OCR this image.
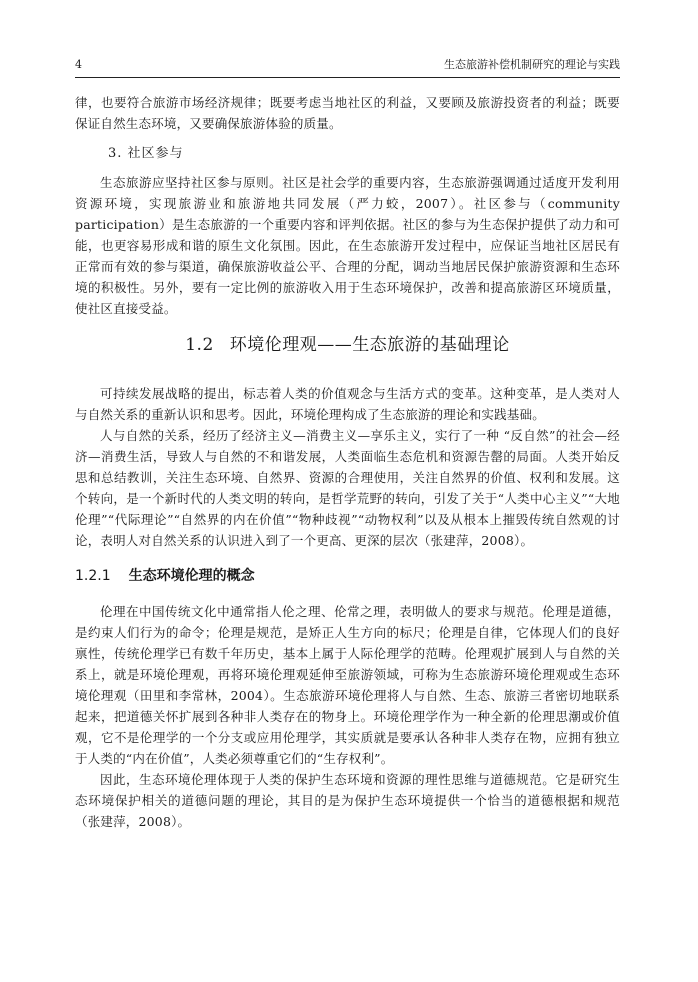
4	生态旅游补偿机制研究的理论与实践

律，也要符合旅游市场经济规律；既要考虑当地社区的利益，又要顾及旅游投资者的利益；既要保证自然生态环境，又要确保旅游体验的质量。

3. 社区参与

生态旅游应坚持社区参与原则。社区是社会学的重要内容，生态旅游强调通过适度开发利用资源环境，实现旅游业和旅游地共同发展（严力蛟，2007）。社区参与（community participation）是生态旅游的一个重要内容和评判依据。社区的参与为生态保护提供了动力和可能，也更容易形成和谐的原生文化氛围。因此，在生态旅游开发过程中，应保证当地社区居民有正常而有效的参与渠道，确保旅游收益公平、合理的分配，调动当地居民保护旅游资源和生态环境的积极性。另外，要有一定比例的旅游收入用于生态环境保护，改善和提高旅游区环境质量，使社区直接受益。

1.2 环境伦理观——生态旅游的基础理论

可持续发展战略的提出，标志着人类的价值观念与生活方式的变革。这种变革，是人类对人与自然关系的重新认识和思考。因此，环境伦理构成了生态旅游的理论和实践基础。

人与自然的关系，经历了经济主义—消费主义—享乐主义，实行了一种 “反自然”的社会—经济—消费生活，导致人与自然的不和谐发展，人类面临生态危机和资源告罄的局面。人类开始反思和总结教训，关注生态环境、自然界、资源的合理使用，关注自然界的价值、权利和发展。这个转向，是一个新时代的人类文明的转向，是哲学荒野的转向，引发了关于“人类中心主义”“大地伦理”“代际理论”“自然界的内在价值”“物种歧视”“动物权利”以及从根本上摧毁传统自然观的讨论，表明人对自然关系的认识进入到了一个更高、更深的层次（张建萍，2008）。

1.2.1 生态环境伦理的概念

伦理在中国传统文化中通常指人伦之理、伦常之理，表明做人的要求与规范。伦理是道德，是约束人们行为的命令；伦理是规范，是矫正人生方向的标尺；伦理是自律，它体现人们的良好禀性，传统伦理学已有数千年历史，基本上属于人际伦理学的范畴。伦理观扩展到人与自然的关系上，就是环境伦理观，再将环境伦理观延伸至旅游领域，可称为生态旅游环境伦理观或生态环境伦理观（田里和李常林，2004）。生态旅游环境伦理将人与自然、生态、旅游三者密切地联系起来，把道德关怀扩展到各种非人类存在的物身上。环境伦理学作为一种全新的伦理思潮或价值观，它不是伦理学的一个分支或应用伦理学，其实质就是要承认各种非人类存在物，应拥有独立于人类的“内在价值”，人类必须尊重它们的“生存权利”。

因此，生态环境伦理体现于人类的保护生态环境和资源的理性思维与道德规范。它是研究生态环境保护相关的道德问题的理论，其目的是为保护生态环境提供一个恰当的道德根据和规范（张建萍，2008）。
